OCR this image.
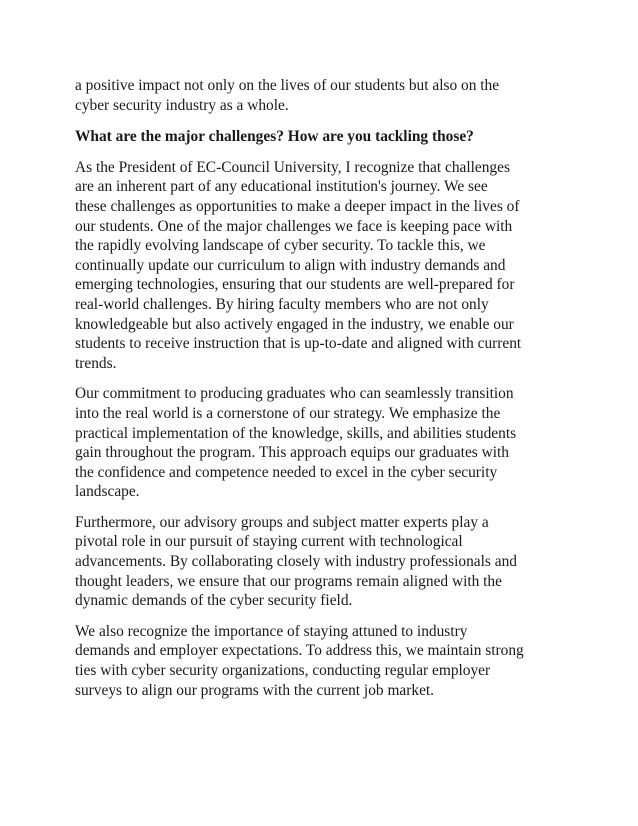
a positive impact not only on the lives of our students but also on the
cyber security industry as a whole.

What are the major challenges? How are you tackling those?

As the President of EC-Council University, I recognize that challenges
are an inherent part of any educational institution's journey. We see
these challenges as opportunities to make a deeper impact in the lives of
our students. One of the major challenges we face is keeping pace with
the rapidly evolving landscape of cyber security. To tackle this, we
continually update our curriculum to align with industry demands and
emerging technologies, ensuring that our students are well-prepared for
real-world challenges. By hiring faculty members who are not only
knowledgeable but also actively engaged in the industry, we enable our
students to receive instruction that is up-to-date and aligned with current
trends.

Our commitment to producing graduates who can seamlessly transition
into the real world is a cornerstone of our strategy. We emphasize the
practical implementation of the knowledge, skills, and abilities students
gain throughout the program. This approach equips our graduates with
the confidence and competence needed to excel in the cyber security
landscape.

Furthermore, our advisory groups and subject matter experts play a
pivotal role in our pursuit of staying current with technological
advancements. By collaborating closely with industry professionals and
thought leaders, we ensure that our programs remain aligned with the
dynamic demands of the cyber security field.

We also recognize the importance of staying attuned to industry
demands and employer expectations. To address this, we maintain strong
ties with cyber security organizations, conducting regular employer
surveys to align our programs with the current job market.
